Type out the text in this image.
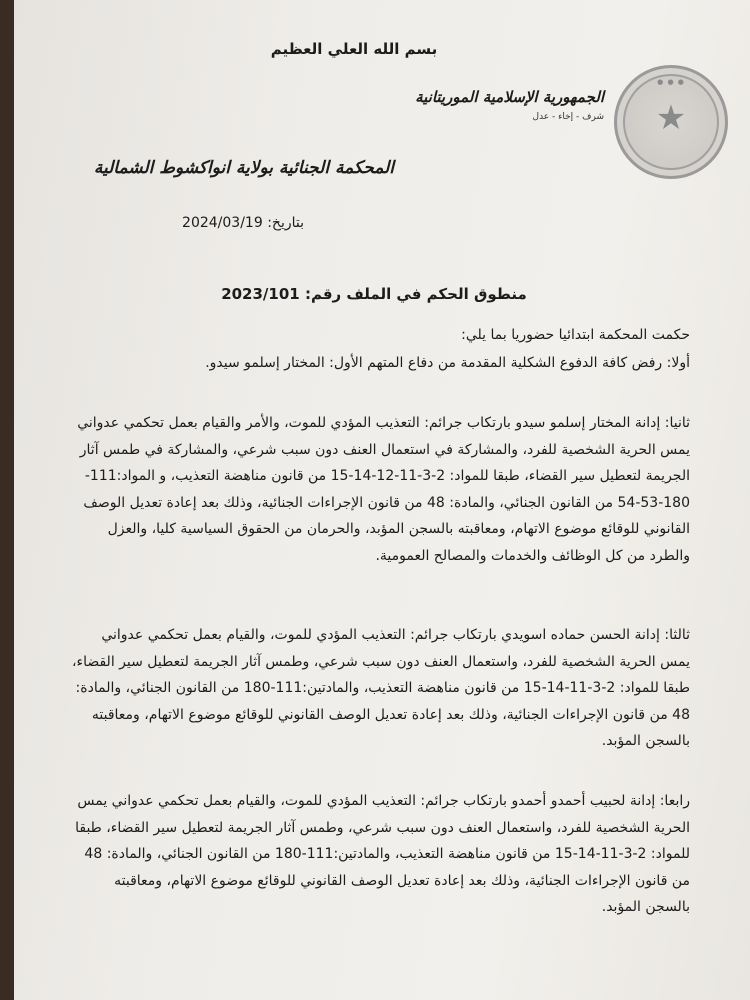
بسم الله العلي العظيم

● ● ●
★

الجمهورية الإسلامية الموريتانية

شرف - إخاء - عدل

المحكمة الجنائية بولاية انواكشوط الشمالية

بتاريخ: 2024/03/19

منطوق الحكم في الملف رقم: 2023/101

حكمت المحكمة ابتدائيا حضوريا بما يلي:

أولا: رفض كافة الدفوع الشكلية المقدمة من دفاع المتهم الأول: المختار إسلمو سيدو.

ثانيا: إدانة المختار إسلمو سيدو بارتكاب جرائم: التعذيب المؤدي للموت، والأمر والقيام بعمل تحكمي عدواني يمس الحرية الشخصية للفرد، والمشاركة في استعمال العنف دون سبب شرعي، والمشاركة في طمس آثار الجريمة لتعطيل سير القضاء، طبقا للمواد: 2-3-11-12-14-15 من قانون مناهضة التعذيب، و المواد:111-180-53-54 من القانون الجنائي، والمادة: 48 من قانون الإجراءات الجنائية، وذلك بعد إعادة تعديل الوصف القانوني للوقائع موضوع الاتهام، ومعاقبته بالسجن المؤبد، والحرمان من الحقوق السياسية كليا، والعزل والطرد من كل الوظائف والخدمات والمصالح العمومية.

ثالثا: إدانة الحسن حماده اسويدي بارتكاب جرائم: التعذيب المؤدي للموت، والقيام بعمل تحكمي عدواني يمس الحرية الشخصية للفرد، واستعمال العنف دون سبب شرعي، وطمس آثار الجريمة لتعطيل سير القضاء، طبقا للمواد: 2-3-11-14-15 من قانون مناهضة التعذيب، والمادتين:111-180 من القانون الجنائي، والمادة: 48 من قانون الإجراءات الجنائية، وذلك بعد إعادة تعديل الوصف القانوني للوقائع موضوع الاتهام، ومعاقبته بالسجن المؤبد.

رابعا: إدانة لحبيب أحمدو أحمدو بارتكاب جرائم: التعذيب المؤدي للموت، والقيام بعمل تحكمي عدواني يمس الحرية الشخصية للفرد، واستعمال العنف دون سبب شرعي، وطمس آثار الجريمة لتعطيل سير القضاء، طبقا للمواد: 2-3-11-14-15 من قانون مناهضة التعذيب، والمادتين:111-180 من القانون الجنائي، والمادة: 48 من قانون الإجراءات الجنائية، وذلك بعد إعادة تعديل الوصف القانوني للوقائع موضوع الاتهام، ومعاقبته بالسجن المؤبد.
